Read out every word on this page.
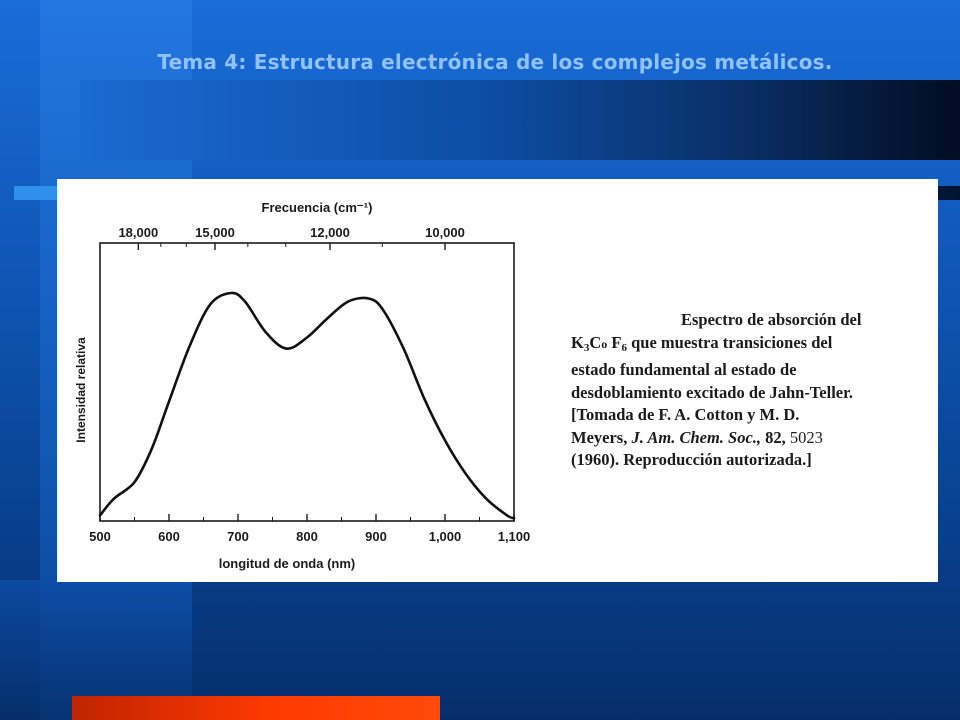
Tema 4: Estructura electrónica de los complejos metálicos.
500	600	700	800	900	1,000	1,100
18,000	15,000	12,000	10,000
Frecuencia (cm⁻¹)
longitud de onda (nm)
Intensidad relativa
Espectro de absorción del
K3Co F6 que muestra transiciones del
estado fundamental al estado de
desdoblamiento excitado de Jahn-Teller.
[Tomada de F. A. Cotton y M. D.
Meyers, J. Am. Chem. Soc., 82, 5023
(1960). Reproducción autorizada.]
